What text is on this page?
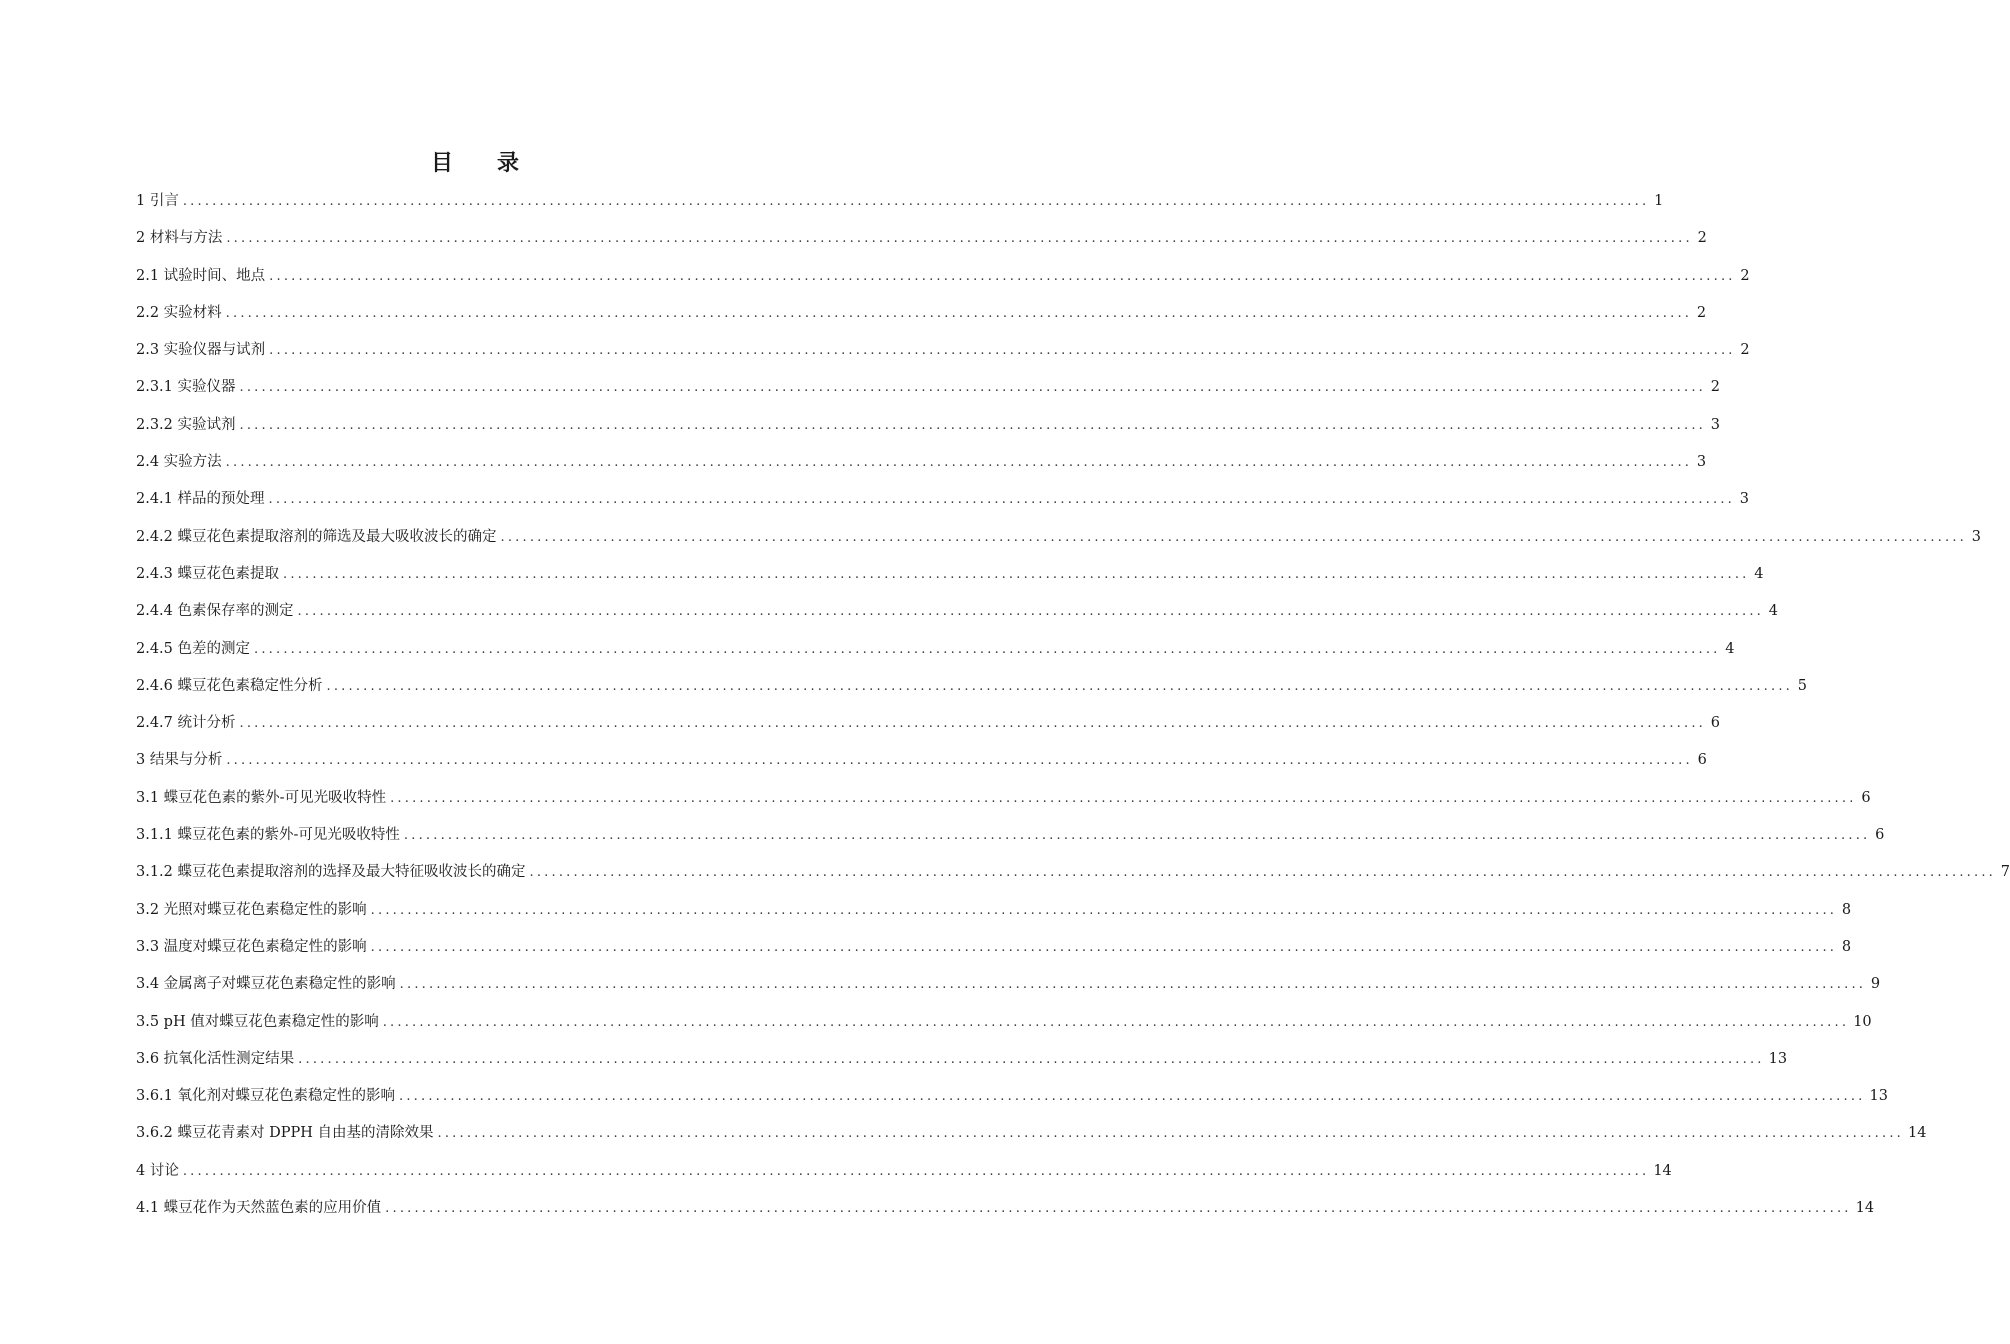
目 录
1 引言 ........................................................................................................................................................................................................ 1
2 材料与方法 ........................................................................................................................................................................................................ 2
2.1 试验时间、地点 ........................................................................................................................................................................................................ 2
2.2 实验材料 ........................................................................................................................................................................................................ 2
2.3 实验仪器与试剂 ........................................................................................................................................................................................................ 2
2.3.1 实验仪器 ........................................................................................................................................................................................................ 2
2.3.2 实验试剂 ........................................................................................................................................................................................................ 3
2.4 实验方法 ........................................................................................................................................................................................................ 3
2.4.1 样品的预处理 ........................................................................................................................................................................................................ 3
2.4.2 蝶豆花色素提取溶剂的筛选及最大吸收波长的确定 ........................................................................................................................................................................................................ 3
2.4.3 蝶豆花色素提取 ........................................................................................................................................................................................................ 4
2.4.4 色素保存率的测定 ........................................................................................................................................................................................................ 4
2.4.5 色差的测定 ........................................................................................................................................................................................................ 4
2.4.6 蝶豆花色素稳定性分析 ........................................................................................................................................................................................................ 5
2.4.7 统计分析 ........................................................................................................................................................................................................ 6
3 结果与分析 ........................................................................................................................................................................................................ 6
3.1 蝶豆花色素的紫外-可见光吸收特性 ........................................................................................................................................................................................................ 6
3.1.1 蝶豆花色素的紫外-可见光吸收特性 ........................................................................................................................................................................................................ 6
3.1.2 蝶豆花色素提取溶剂的选择及最大特征吸收波长的确定 ........................................................................................................................................................................................................ 7
3.2 光照对蝶豆花色素稳定性的影响 ........................................................................................................................................................................................................ 8
3.3 温度对蝶豆花色素稳定性的影响 ........................................................................................................................................................................................................ 8
3.4 金属离子对蝶豆花色素稳定性的影响 ........................................................................................................................................................................................................ 9
3.5 pH 值对蝶豆花色素稳定性的影响 ........................................................................................................................................................................................................ 10
3.6 抗氧化活性测定结果 ........................................................................................................................................................................................................ 13
3.6.1 氧化剂对蝶豆花色素稳定性的影响 ........................................................................................................................................................................................................ 13
3.6.2 蝶豆花青素对 DPPH 自由基的清除效果 ........................................................................................................................................................................................................ 14
4 讨论 ........................................................................................................................................................................................................ 14
4.1 蝶豆花作为天然蓝色素的应用价值 ........................................................................................................................................................................................................ 14
